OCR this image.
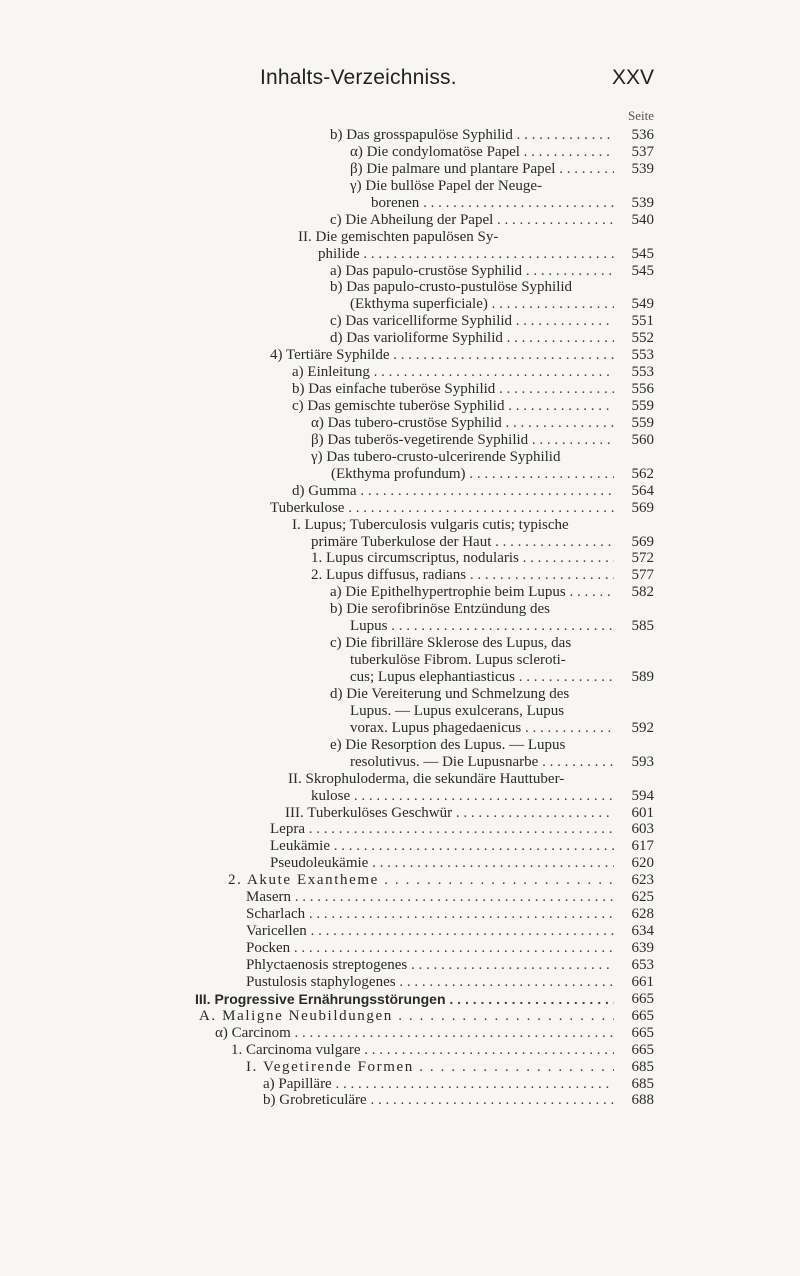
Inhalts-Verzeichniss.	XXV
Seite
b) Das grosspapulöse Syphilid . . .	536
α) Die condylomatöse Papel . . .	537
β) Die palmare und plantare Papel . . .	539
γ) Die bullöse Papel der Neuge-
borenen . . .	539
c) Die Abheilung der Papel . . .	540
II. Die gemischten papulösen Sy-
philide . . .	545
a) Das papulo-crustöse Syphilid . . .	545
b) Das papulo-crusto-pustulöse Syphilid
(Ekthyma superficiale) . . .	549
c) Das varicelliforme Syphilid . . .	551
d) Das varioliforme Syphilid . . .	552
4) Tertiäre Syphilde . . .	553
a) Einleitung . . .	553
b) Das einfache tuberöse Syphilid . . .	556
c) Das gemischte tuberöse Syphilid . . .	559
α) Das tubero-crustöse Syphilid . . .	559
β) Das tuberös-vegetirende Syphilid . . .	560
γ) Das tubero-crusto-ulcerirende Syphilid
(Ekthyma profundum) . . .	562
d) Gumma . . .	564
Tuberkulose . . .	569
I. Lupus; Tuberculosis vulgaris cutis; typische
primäre Tuberkulose der Haut . . .	569
1. Lupus circumscriptus, nodularis . . .	572
2. Lupus diffusus, radians . . .	577
a) Die Epithelhypertrophie beim Lupus . . .	582
b) Die serofibrinöse Entzündung des
Lupus . . .	585
c) Die fibrilläre Sklerose des Lupus, das
tuberkulöse Fibrom. Lupus scleroti-
cus; Lupus elephantiasticus . . .	589
d) Die Vereiterung und Schmelzung des
Lupus. — Lupus exulcerans, Lupus
vorax. Lupus phagedaenicus . . .	592
e) Die Resorption des Lupus. — Lupus
resolutivus. — Die Lupusnarbe . . .	593
II. Skrophuloderma, die sekundäre Hauttuber-
kulose . . .	594
III. Tuberkulöses Geschwür . . .	601
Lepra . . .	603
Leukämie . . .	617
Pseudoleukämie . . .	620
2. Akute Exantheme . . .	623
Masern . . .	625
Scharlach . . .	628
Varicellen . . .	634
Pocken . . .	639
Phlyctaenosis streptogenes . . .	653
Pustulosis staphylogenes . . .	661
III. Progressive Ernährungsstörungen . . .	665
A. Maligne Neubildungen . . .	665
α) Carcinom . . .	665
1. Carcinoma vulgare . . .	665
I. Vegetirende Formen . . .	685
a) Papilläre . . .	685
b) Grobreticuläre . . .	688
